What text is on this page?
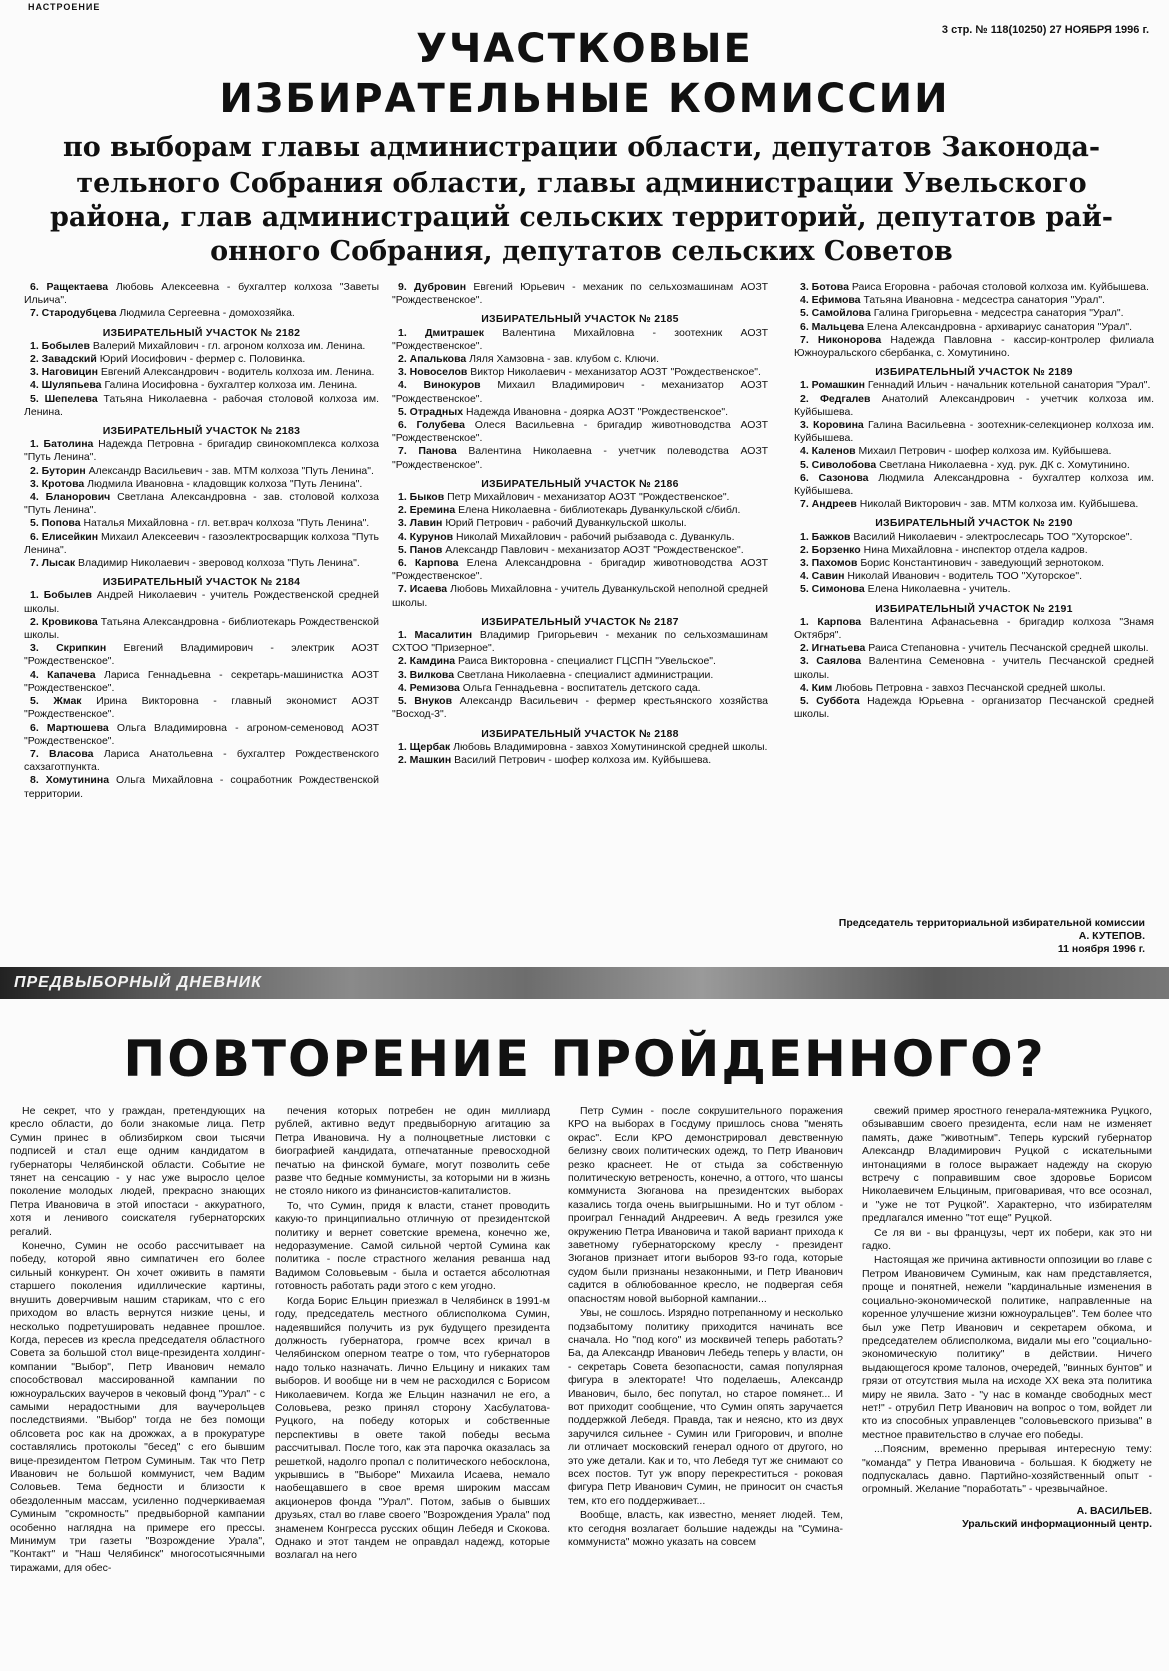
НАСТРОЕНИЕ
3 стр. № 118(10250) 27 НОЯБРЯ 1996 г.
УЧАСТКОВЫЕ
ИЗБИРАТЕЛЬНЫЕ КОМИССИИ
по выборам главы администрации области, депутатов Законода-
тельного Собрания области, главы администрации Увельского
района, глав администраций сельских территорий, депутатов рай-
онного Собрания, депутатов сельских Советов

6. Ращектаева Любовь Алексеевна - бухгалтер колхоза "Заветы Ильича".

7. Стародубцева Людмила Сергеевна - домохозяйка.

ИЗБИРАТЕЛЬНЫЙ УЧАСТОК № 2182

1. Бобылев Валерий Михайлович - гл. агроном колхоза им. Ленина.

2. Завадский Юрий Иосифович - фермер с. Половинка.

3. Наговицин Евгений Александрович - водитель колхоза им. Ленина.

4. Шуляпьева Галина Иосифовна - бухгалтер колхоза им. Ленина.

5. Шепелева Татьяна Николаевна - рабочая столовой колхоза им. Ленина.

ИЗБИРАТЕЛЬНЫЙ УЧАСТОК № 2183

1. Батолина Надежда Петровна - бригадир свинокомплекса колхоза "Путь Ленина".

2. Буторин Александр Васильевич - зав. МТМ колхоза "Путь Ленина".

3. Кротова Людмила Ивановна - кладовщик колхоза "Путь Ленина".

4. Бланорович Светлана Александровна - зав. столовой колхоза "Путь Ленина".

5. Попова Наталья Михайловна - гл. вет.врач колхоза "Путь Ленина".

6. Елисейкин Михаил Алексеевич - газоэлектросварщик колхоза "Путь Ленина".

7. Лысак Владимир Николаевич - зверовод колхоза "Путь Ленина".

ИЗБИРАТЕЛЬНЫЙ УЧАСТОК № 2184

1. Бобылев Андрей Николаевич - учитель Рождественской средней школы.

2. Кровикова Татьяна Александровна - библиотекарь Рождественской школы.

3. Скрипкин Евгений Владимирович - электрик АОЗТ "Рождественское".

4. Капачева Лариса Геннадьевна - секретарь-машинистка АОЗТ "Рождественское".

5. Жмак Ирина Викторовна - главный экономист АОЗТ "Рождественское".

6. Мартюшева Ольга Владимировна - агроном-семеновод АОЗТ "Рождественское".

7. Власова Лариса Анатольевна - бухгалтер Рождественского сахзаготпункта.

8. Хомутинина Ольга Михайловна - соцработник Рождественской территории.

9. Дубровин Евгений Юрьевич - механик по сельхозмашинам АОЗТ "Рождественское".

ИЗБИРАТЕЛЬНЫЙ УЧАСТОК № 2185

1. Дмитрашек Валентина Михайловна - зоотехник АОЗТ "Рождественское".

2. Апалькова Ляля Хамзовна - зав. клубом с. Ключи.

3. Новоселов Виктор Николаевич - механизатор АОЗТ "Рождественское".

4. Винокуров Михаил Владимирович - механизатор АОЗТ "Рождественское".

5. Отрадных Надежда Ивановна - доярка АОЗТ "Рождественское".

6. Голубева Олеся Васильевна - бригадир животноводства АОЗТ "Рождественское".

7. Панова Валентина Николаевна - учетчик полеводства АОЗТ "Рождественское".

ИЗБИРАТЕЛЬНЫЙ УЧАСТОК № 2186

1. Быков Петр Михайлович - механизатор АОЗТ "Рождественское".

2. Еремина Елена Николаевна - библиотекарь Дуванкульской с/библ.

3. Лавин Юрий Петрович - рабочий Дуванкульской школы.

4. Курунов Николай Михайлович - рабочий рыбзавода с. Дуванкуль.

5. Панов Александр Павлович - механизатор АОЗТ "Рождественское".

6. Карпова Елена Александровна - бригадир животноводства АОЗТ "Рождественское".

7. Исаева Любовь Михайловна - учитель Дуванкульской неполной средней школы.

ИЗБИРАТЕЛЬНЫЙ УЧАСТОК № 2187

1. Масалитин Владимир Григорьевич - механик по сельхозмашинам СХТОО "Призерное".

2. Камдина Раиса Викторовна - специалист ГЦСПН "Увельское".

3. Вилкова Светлана Николаевна - специалист администрации.

4. Ремизова Ольга Геннадьевна - воспитатель детского сада.

5. Внуков Александр Васильевич - фермер крестьянского хозяйства "Восход-3".

ИЗБИРАТЕЛЬНЫЙ УЧАСТОК № 2188

1. Щербак Любовь Владимировна - завхоз Хомутининской средней школы.

2. Машкин Василий Петрович - шофер колхоза им. Куйбышева.

3. Ботова Раиса Егоровна - рабочая столовой колхоза им. Куйбышева.

4. Ефимова Татьяна Ивановна - медсестра санатория "Урал".

5. Самойлова Галина Григорьевна - медсестра санатория "Урал".

6. Мальцева Елена Александровна - архивариус санатория "Урал".

7. Никонорова Надежда Павловна - кассир-контролер филиала Южноуральского сбербанка, с. Хомутинино.

ИЗБИРАТЕЛЬНЫЙ УЧАСТОК № 2189

1. Ромашкин Геннадий Ильич - начальник котельной санатория "Урал".

2. Федгалев Анатолий Александрович - учетчик колхоза им. Куйбышева.

3. Коровина Галина Васильевна - зоотехник-селекционер колхоза им. Куйбышева.

4. Каленов Михаил Петрович - шофер колхоза им. Куйбышева.

5. Сиволобова Светлана Николаевна - худ. рук. ДК с. Хомутинино.

6. Сазонова Людмила Александровна - бухгалтер колхоза им. Куйбышева.

7. Андреев Николай Викторович - зав. МТМ колхоза им. Куйбышева.

ИЗБИРАТЕЛЬНЫЙ УЧАСТОК № 2190

1. Бажков Василий Николаевич - электрослесарь ТОО "Хуторское".

2. Борзенко Нина Михайловна - инспектор отдела кадров.

3. Пахомов Борис Константинович - заведующий зернотоком.

4. Савин Николай Иванович - водитель ТОО "Хуторское".

5. Симонова Елена Николаевна - учитель.

ИЗБИРАТЕЛЬНЫЙ УЧАСТОК № 2191

1. Карпова Валентина Афанасьевна - бригадир колхоза "Знамя Октября".

2. Игнатьева Раиса Степановна - учитель Песчанской средней школы.

3. Саялова Валентина Семеновна - учитель Песчанской средней школы.

4. Ким Любовь Петровна - завхоз Песчанской средней школы.

5. Суббота Надежда Юрьевна - организатор Песчанской средней школы.

Председатель территориальной избирательной комиссии
А. КУТЕПОВ.
11 ноября 1996 г.
ПРЕДВЫБОРНЫЙ ДНЕВНИК
ПОВТОРЕНИЕ ПРОЙДЕННОГО?

Не секрет, что у граждан, претендующих на кресло области, до боли знакомые лица. Петр Сумин принес в облизбирком свои тысячи подписей и стал еще одним кандидатом в губернаторы Челябинской области. Событие не тянет на сенсацию - у нас уже выросло целое поколение молодых людей, прекрасно знающих Петра Ивановича в этой ипостаси - аккуратного, хотя и ленивого соискателя губернаторских регалий.

Конечно, Сумин не особо рассчитывает на победу, которой явно симпатичен его более сильный конкурент. Он хочет оживить в памяти старшего поколения идиллические картины, внушить доверчивым нашим старикам, что с его приходом во власть вернутся низкие цены, и несколько подретушировать недавнее прошлое. Когда, пересев из кресла председателя областного Совета за большой стол вице-президента холдинг-компании "Выбор", Петр Иванович немало способствовал массированной кампании по южноуральских ваучеров в чековый фонд "Урал" - с самыми нерадостными для ваучерольцев последствиями. "Выбор" тогда не без помощи облсовета рос как на дрожжах, а в прокуратуре составлялись протоколы "бесед" с его бывшим вице-президентом Петром Суминым. Так что Петр Иванович не большой коммунист, чем Вадим Соловьев. Тема бедности и близости к обездоленным массам, усиленно подчеркиваемая Суминым "скромность" предвыборной кампании особенно наглядна на примере его прессы. Минимум три газеты "Возрождение Урала", "Контакт" и "Наш Челябинск" многосотысячными тиражами, для обес-

печения которых потребен не один миллиард рублей, активно ведут предвыборную агитацию за Петра Ивановича. Ну а полноцветные листовки с биографией кандидата, отпечатанные превосходной печатью на финской бумаге, могут позволить себе разве что бедные коммунисты, за которыми ни в жизнь не стояло никого из финансистов-капиталистов.

То, что Сумин, придя к власти, станет проводить какую-то принципиально отличную от президентской политику и вернет советские времена, конечно же, недоразумение. Самой сильной чертой Сумина как политика - после страстного желания реванша над Вадимом Соловьевым - была и остается абсолютная готовность работать ради этого с кем угодно.

Когда Борис Ельцин приезжал в Челябинск в 1991-м году, председатель местного облисполкома Сумин, надеявшийся получить из рук будущего президента должность губернатора, громче всех кричал в Челябинском оперном театре о том, что губернаторов надо только назначать. Лично Ельцину и никаких там выборов. И вообще ни в чем не расходился с Борисом Николаевичем. Когда же Ельцин назначил не его, а Соловьева, резко принял сторону Хасбулатова-Руцкого, на победу которых и собственные перспективы в овете такой победы весьма рассчитывал. После того, как эта парочка оказалась за решеткой, надолго пропал с политического небосклона, укрывшись в "Выборе" Михаила Исаева, немало наобещавшего в свое время широким массам акционеров фонда "Урал". Потом, забыв о бывших друзьях, стал во главе своего "Возрождения Урала" под знаменем Конгресса русских общин Лебедя и Скокова. Однако и этот тандем не оправдал надежд, которые возлагал на него

Петр Сумин - после сокрушительного поражения КРО на выборах в Госдуму пришлось снова "менять окрас". Если КРО демонстрировал девственную белизну своих политических одежд, то Петр Иванович резко краснеет. Не от стыда за собственную политическую ветреность, конечно, а оттого, что шансы коммуниста Зюганова на президентских выборах казались тогда очень выигрышными. Но и тут облом - проиграл Геннадий Андреевич. А ведь грезился уже окружению Петра Ивановича и такой вариант прихода к заветному губернаторскому креслу - президент Зюганов признает итоги выборов 93-го года, которые судом были признаны незаконными, и Петр Иванович садится в облюбованное кресло, не подвергая себя опасностям новой выборной кампании...

Увы, не сошлось. Изрядно потрепанному и несколько подзабытому политику приходится начинать все сначала. Но "под кого" из москвичей теперь работать? Ба, да Александр Иванович Лебедь теперь у власти, он - секретарь Совета безопасности, самая популярная фигура в электорате! Что поделаешь, Александр Иванович, было, бес попутал, но старое помянет... И вот приходит сообщение, что Сумин опять заручается поддержкой Лебедя. Правда, так и неясно, кто из двух заручился сильнее - Сумин или Григорович, и вполне ли отличает московский генерал одного от другого, но это уже детали. Как и то, что Лебедя тут же снимают со всех постов. Тут уж впору перекреститься - роковая фигура Петр Иванович Сумин, не приносит он счастья тем, кто его поддерживает...

Вообще, власть, как известно, меняет людей. Тем, кто сегодня возлагает большие надежды на "Сумина-коммуниста" можно указать на совсем

свежий пример яростного генерала-мятежника Руцкого, обзывавшим своего президента, если нам не изменяет память, даже "животным". Теперь курский губернатор Александр Владимирович Руцкой с искательными интонациями в голосе выражает надежду на скорую встречу с поправившим свое здоровье Борисом Николаевичем Ельциным, приговаривая, что все осознал, и "уже не тот Руцкой". Характерно, что избирателям предлагался именно "тот еще" Руцкой.

Се ля ви - вы французы, черт их побери, как это ни гадко.

Настоящая же причина активности оппозиции во главе с Петром Ивановичем Суминым, как нам представляется, проще и понятней, нежели "кардинальные изменения в социально-экономической политике, направленные на коренное улучшение жизни южноуральцев". Тем более что был уже Петр Иванович и секретарем обкома, и председателем облисполкома, видали мы его "социально-экономическую политику" в действии. Ничего выдающегося кроме талонов, очередей, "винных бунтов" и грязи от отсутствия мыла на исходе XX века эта политика миру не явила. Зато - "у нас в команде свободных мест нет!" - отрубил Петр Иванович на вопрос о том, войдет ли кто из способных управленцев "соловьевского призыва" в местное правительство в случае его победы.

...Поясним, временно прерывая интересную тему: "команда" у Петра Ивановича - большая. К бюджету не подпускалась давно. Партийно-хозяйственный опыт - огромный. Желание "поработать" - чрезвычайное.

А. ВАСИЛЬЕВ.
Уральский информационный центр.
